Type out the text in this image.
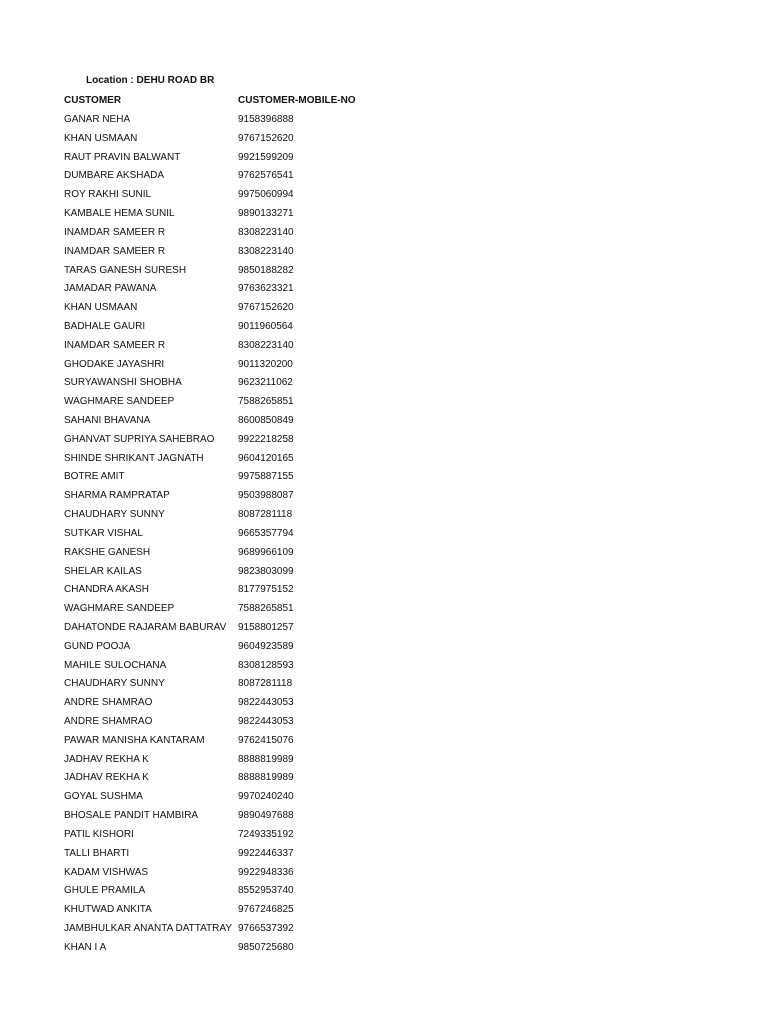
Location : DEHU ROAD BR
CUSTOMER	CUSTOMER-MOBILE-NO
GANAR NEHA	9158396888
KHAN USMAAN	9767152620
RAUT PRAVIN BALWANT	9921599209
DUMBARE AKSHADA	9762576541
ROY RAKHI SUNIL	9975060994
KAMBALE HEMA SUNIL	9890133271
INAMDAR SAMEER R	8308223140
INAMDAR SAMEER R	8308223140
TARAS GANESH SURESH	9850188282
JAMADAR PAWANA	9763623321
KHAN USMAAN	9767152620
BADHALE GAURI	9011960564
INAMDAR SAMEER R	8308223140
GHODAKE JAYASHRI	9011320200
SURYAWANSHI SHOBHA	9623211062
WAGHMARE SANDEEP	7588265851
SAHANI BHAVANA	8600850849
GHANVAT SUPRIYA SAHEBRAO 9922218258
SHINDE SHRIKANT JAGNATH	9604120165
BOTRE AMIT	9975887155
SHARMA RAMPRATAP	9503988087
CHAUDHARY SUNNY	8087281118
SUTKAR VISHAL	9665357794
RAKSHE GANESH	9689966109
SHELAR KAILAS	9823803099
CHANDRA AKASH	8177975152
WAGHMARE SANDEEP	7588265851
DAHATONDE RAJARAM BABURAV 9158801257
GUND POOJA	9604923589
MAHILE SULOCHANA	8308128593
CHAUDHARY SUNNY	8087281118
ANDRE SHAMRAO	9822443053
ANDRE SHAMRAO	9822443053
PAWAR MANISHA KANTARAM	9762415076
JADHAV REKHA K	8888819989
JADHAV REKHA K	8888819989
GOYAL SUSHMA	9970240240
BHOSALE PANDIT HAMBIRA	9890497688
PATIL KISHORI	7249335192
TALLI BHARTI	9922446337
KADAM VISHWAS	9922948336
GHULE PRAMILA	8552953740
KHUTWAD ANKITA	9767246825
JAMBHULKAR ANANTA DATTATRAY 9766537392
KHAN I A	9850725680
